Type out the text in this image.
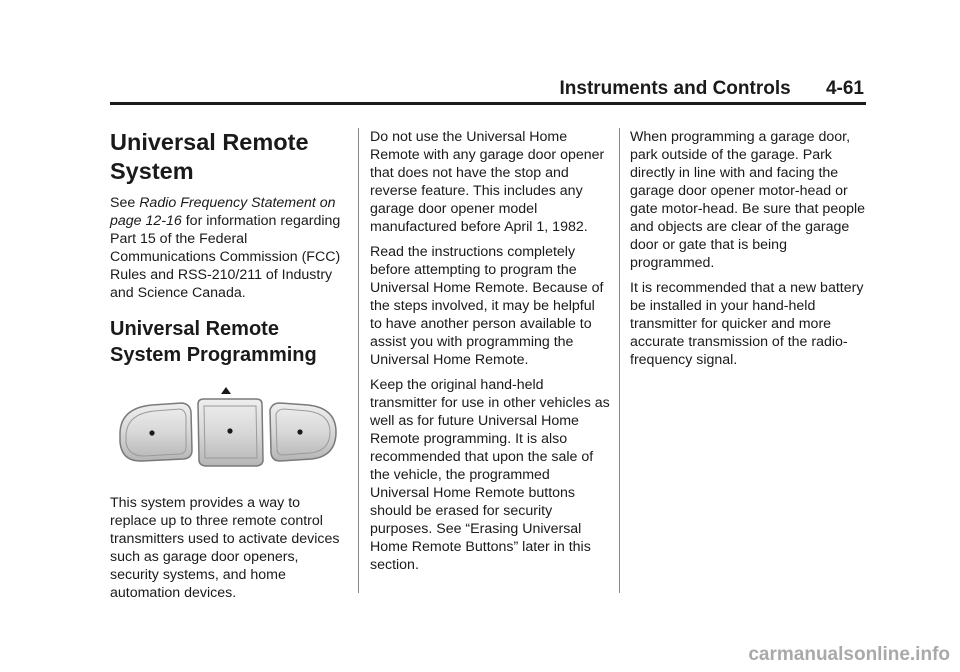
Instruments and Controls 4-61
Universal Remote System

See Radio Frequency Statement on page 12-16 for information regarding Part 15 of the Federal Communications Commission (FCC) Rules and RSS-210/211 of Industry and Science Canada.

Universal Remote System Programming

This system provides a way to replace up to three remote control transmitters used to activate devices such as garage door openers, security systems, and home automation devices.

Do not use the Universal Home Remote with any garage door opener that does not have the stop and reverse feature. This includes any garage door opener model manufactured before April 1, 1982.

Read the instructions completely before attempting to program the Universal Home Remote. Because of the steps involved, it may be helpful to have another person available to assist you with programming the Universal Home Remote.

Keep the original hand-held transmitter for use in other vehicles as well as for future Universal Home Remote programming. It is also recommended that upon the sale of the vehicle, the programmed Universal Home Remote buttons should be erased for security purposes. See “Erasing Universal Home Remote Buttons” later in this section.

When programming a garage door, park outside of the garage. Park directly in line with and facing the garage door opener motor-head or gate motor-head. Be sure that people and objects are clear of the garage door or gate that is being programmed.

It is recommended that a new battery be installed in your hand-held transmitter for quicker and more accurate transmission of the radio-frequency signal.

carmanualsonline.info
